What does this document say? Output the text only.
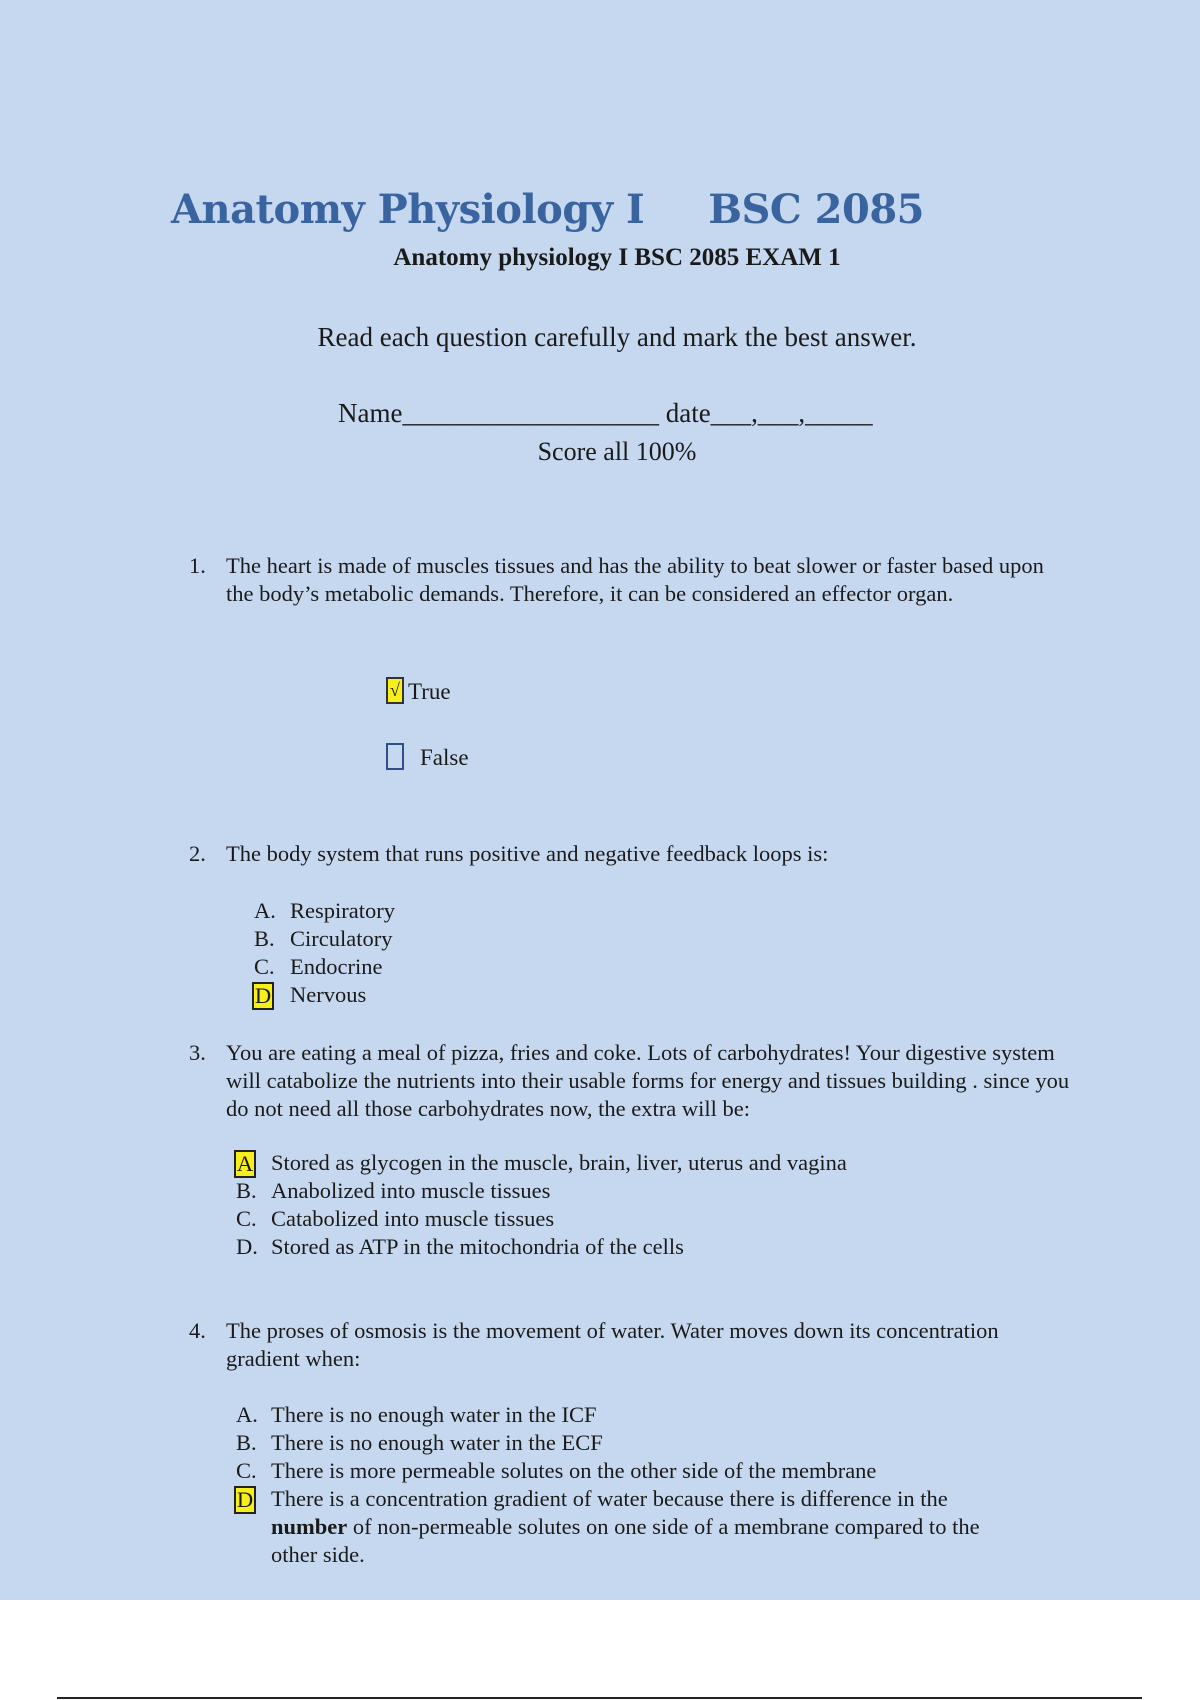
Anatomy Physiology I BSC 2085
Anatomy physiology I BSC 2085 EXAM 1
Read each question carefully and mark the best answer.
Name___________________ date___,___,_____
Score all 100%
1. The heart is made of muscles tissues and has the ability to beat slower or faster based upon the body’s metabolic demands. Therefore, it can be considered an effector organ.
√ True
False
2. The body system that runs positive and negative feedback loops is:
A. Respiratory
B. Circulatory
C. Endocrine
D Nervous
3. You are eating a meal of pizza, fries and coke. Lots of carbohydrates! Your digestive system will catabolize the nutrients into their usable forms for energy and tissues building . since you do not need all those carbohydrates now, the extra will be:
A Stored as glycogen in the muscle, brain, liver, uterus and vagina
B. Anabolized into muscle tissues
C. Catabolized into muscle tissues
D. Stored as ATP in the mitochondria of the cells
4. The proses of osmosis is the movement of water. Water moves down its concentration gradient when:
A. There is no enough water in the ICF
B. There is no enough water in the ECF
C. There is more permeable solutes on the other side of the membrane
D There is a concentration gradient of water because there is difference in the
number of non-permeable solutes on one side of a membrane compared to the
other side.
